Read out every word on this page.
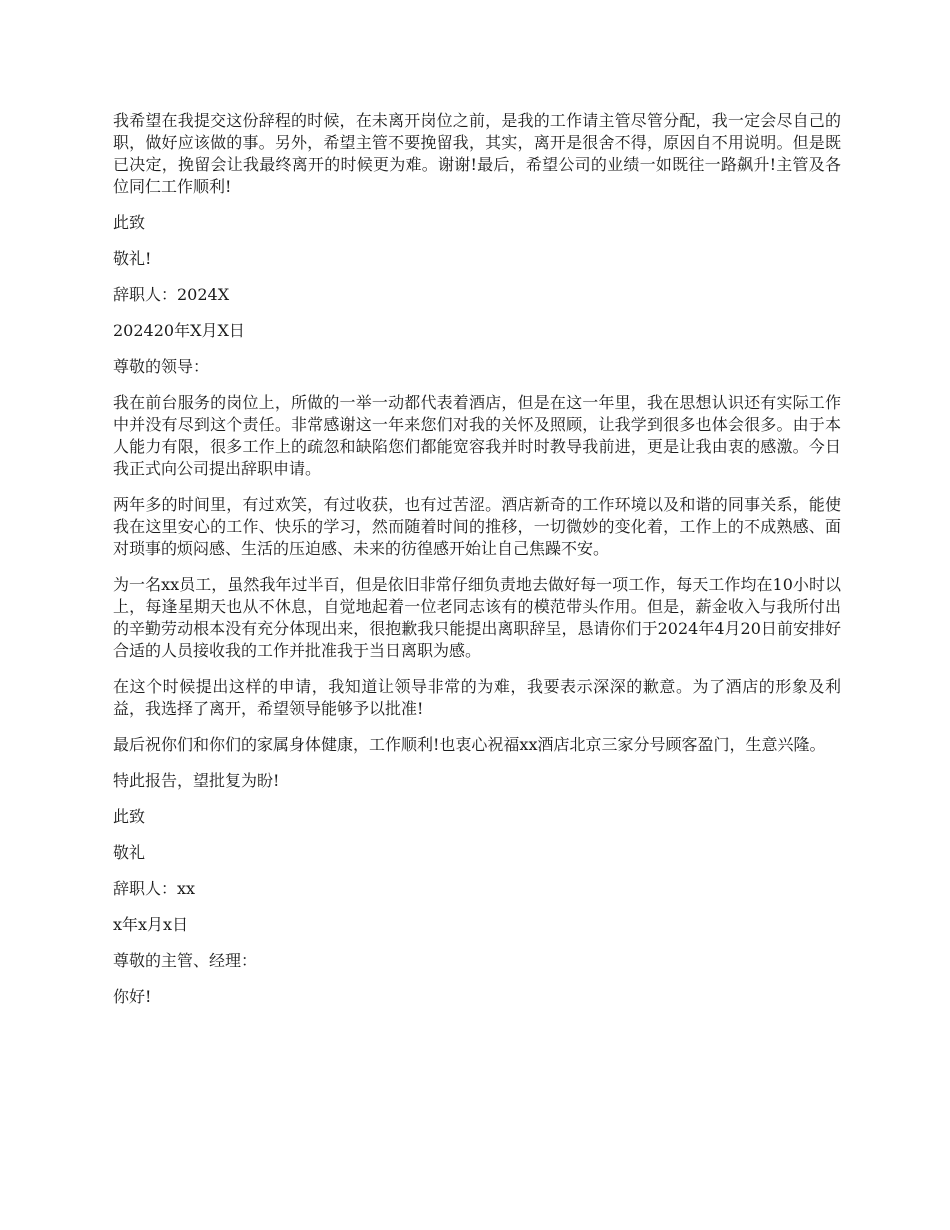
我希望在我提交这份辞程的时候，在未离开岗位之前，是我的工作请主管尽管分配，我一定会尽自己的职，做好应该做的事。另外，希望主管不要挽留我，其实，离开是很舍不得，原因自不用说明。但是既已决定，挽留会让我最终离开的时候更为难。谢谢!最后，希望公司的业绩一如既往一路飙升!主管及各位同仁工作顺利!

此致

敬礼!

辞职人：2024X

202420年X月X日

尊敬的领导：

我在前台服务的岗位上，所做的一举一动都代表着酒店，但是在这一年里，我在思想认识还有实际工作中并没有尽到这个责任。非常感谢这一年来您们对我的关怀及照顾，让我学到很多也体会很多。由于本人能力有限，很多工作上的疏忽和缺陷您们都能宽容我并时时教导我前进，更是让我由衷的感激。今日我正式向公司提出辞职申请。

两年多的时间里，有过欢笑，有过收获，也有过苦涩。酒店新奇的工作环境以及和谐的同事关系，能使我在这里安心的工作、快乐的学习，然而随着时间的推移，一切微妙的变化着，工作上的不成熟感、面对琐事的烦闷感、生活的压迫感、未来的彷徨感开始让自己焦躁不安。

为一名xx员工，虽然我年过半百，但是依旧非常仔细负责地去做好每一项工作，每天工作均在10小时以上，每逢星期天也从不休息，自觉地起着一位老同志该有的模范带头作用。但是，薪金收入与我所付出的辛勤劳动根本没有充分体现出来，很抱歉我只能提出离职辞呈，恳请你们于2024年4月20日前安排好合适的人员接收我的工作并批准我于当日离职为感。

在这个时候提出这样的申请，我知道让领导非常的为难，我要表示深深的歉意。为了酒店的形象及利益，我选择了离开，希望领导能够予以批准!

最后祝你们和你们的家属身体健康，工作顺利!也衷心祝福xx酒店北京三家分号顾客盈门，生意兴隆。

特此报告，望批复为盼!

此致

敬礼

辞职人：xx

x年x月x日

尊敬的主管、经理：

你好!
